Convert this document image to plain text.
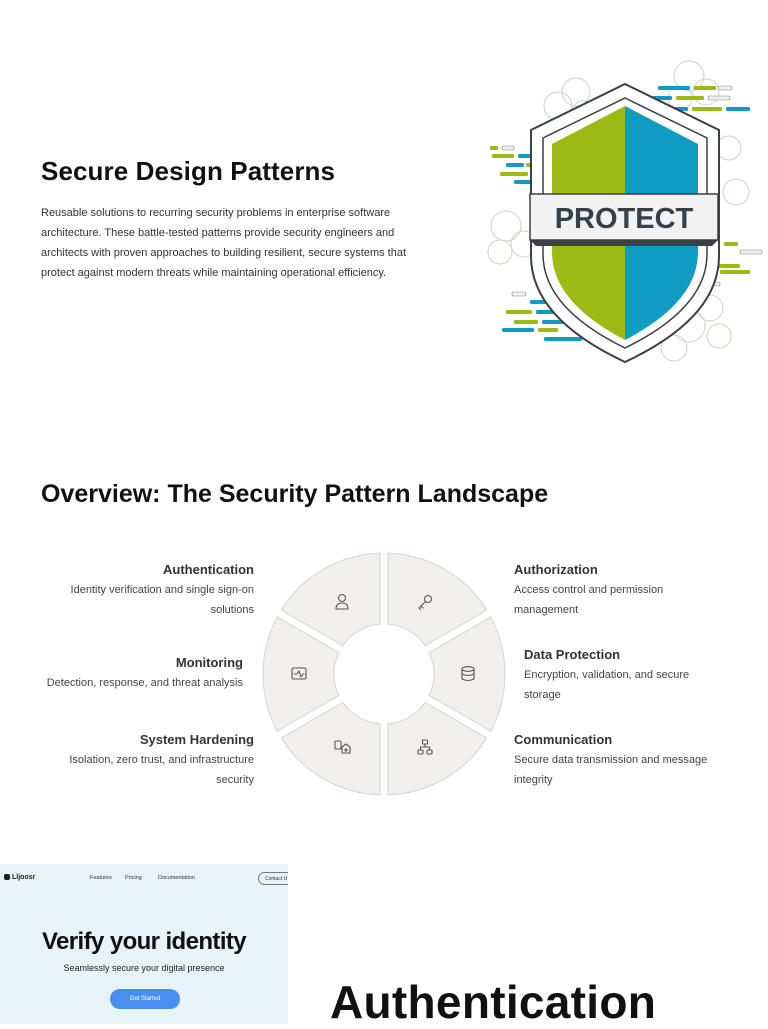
Secure Design Patterns

Reusable solutions to recurring security problems in enterprise software architecture. These battle-tested patterns provide security engineers and architects with proven approaches to building resilient, secure systems that protect against modern threats while maintaining operational efficiency.

PROTECT
Overview: The Security Pattern Landscape

Authentication

Identity verification and single sign-on solutions

Monitoring

Detection, response, and threat analysis

System Hardening

Isolation, zero trust, and infrastructure security

Authorization

Access control and permission management

Data Protection

Encryption, validation, and secure storage

Communication

Secure data transmission and message integrity

Lljoosr	Features Pricing	Documentation	Contact U

Verify your identity

Seamlessly secure your digital presence
Get Started	Authentication
